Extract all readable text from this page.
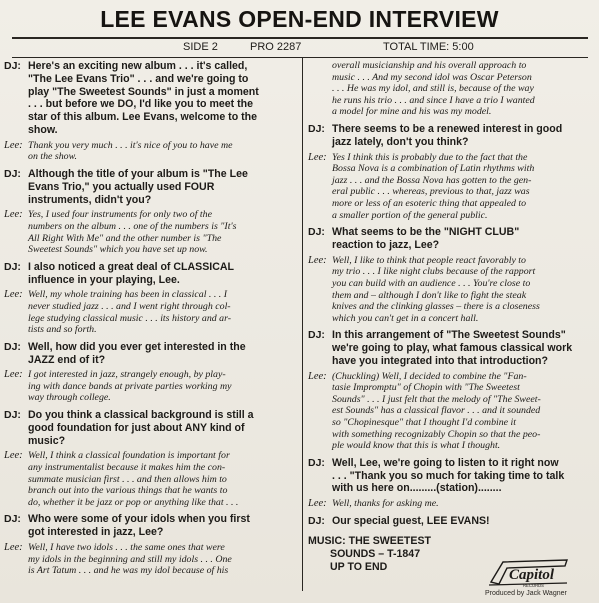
LEE EVANS OPEN-END INTERVIEW
SIDE 2	PRO 2287	TOTAL TIME: 5:00
DJ: Here's an exciting new album . . . it's called,
"The Lee Evans Trio" . . . and we're going to
play "The Sweetest Sounds" in just a moment
. . . but before we DO, I'd like you to meet the
star of this album. Lee Evans, welcome to the
show.
Lee: Thank you very much . . . it's nice of you to have me
on the show.
DJ: Although the title of your album is "The Lee
Evans Trio," you actually used FOUR
instruments, didn't you?
Lee: Yes, I used four instruments for only two of the
numbers on the album . . . one of the numbers is "It's
All Right With Me" and the other number is "The
Sweetest Sounds" which you have set up now.
DJ: I also noticed a great deal of CLASSICAL
influence in your playing, Lee.
Lee: Well, my whole training has been in classical . . . I
never studied jazz . . . and I went right through col-
lege studying classical music . . . its history and ar-
tists and so forth.
DJ: Well, how did you ever get interested in the
JAZZ end of it?
Lee: I got interested in jazz, strangely enough, by play-
ing with dance bands at private parties working my
way through college.
DJ: Do you think a classical background is still a
good foundation for just about ANY kind of
music?
Lee: Well, I think a classical foundation is important for
any instrumentalist because it makes him the con-
summate musician first . . . and then allows him to
branch out into the various things that he wants to
do, whether it be jazz or pop or anything like that . . .
DJ: Who were some of your idols when you first
got interested in jazz, Lee?
Lee: Well, I have two idols . . . the same ones that were
my idols in the beginning and still my idols . . . One
is Art Tatum . . . and he was my idol because of his
overall musicianship and his overall approach to
music . . . And my second idol was Oscar Peterson
. . . He was my idol, and still is, because of the way
he runs his trio . . . and since I have a trio I wanted
a model for mine and his was my model.
DJ: There seems to be a renewed interest in good
jazz lately, don't you think?
Lee: Yes I think this is probably due to the fact that the
Bossa Nova is a combination of Latin rhythms with
jazz . . . and the Bossa Nova has gotten to the gen-
eral public . . . whereas, previous to that, jazz was
more or less of an esoteric thing that appealed to
a smaller portion of the general public.
DJ: What seems to be the "NIGHT CLUB"
reaction to jazz, Lee?
Lee: Well, I like to think that people react favorably to
my trio . . . I like night clubs because of the rapport
you can build with an audience . . . You're close to
them and – although I don't like to fight the steak
knives and the clinking glasses – there is a closeness
which you can't get in a concert hall.
DJ: In this arrangement of "The Sweetest Sounds"
we're going to play, what famous classical work
have you integrated into that introduction?
Lee: (Chuckling) Well, I decided to combine the "Fan-
tasie Impromptu" of Chopin with "The Sweetest
Sounds" . . . I just felt that the melody of "The Sweet-
est Sounds" has a classical flavor . . . and it sounded
so "Chopinesque" that I thought I'd combine it
with something recognizably Chopin so that the peo-
ple would know that this is what I thought.
DJ: Well, Lee, we're going to listen to it right now
. . . "Thank you so much for taking time to talk
with us here on.........(station)........
Lee: Well, thanks for asking me.
DJ: Our special guest, LEE EVANS!
MUSIC: THE SWEETEST
SOUNDS – T-1847
UP TO END
Capitol
RECORDS
Produced by Jack Wagner
